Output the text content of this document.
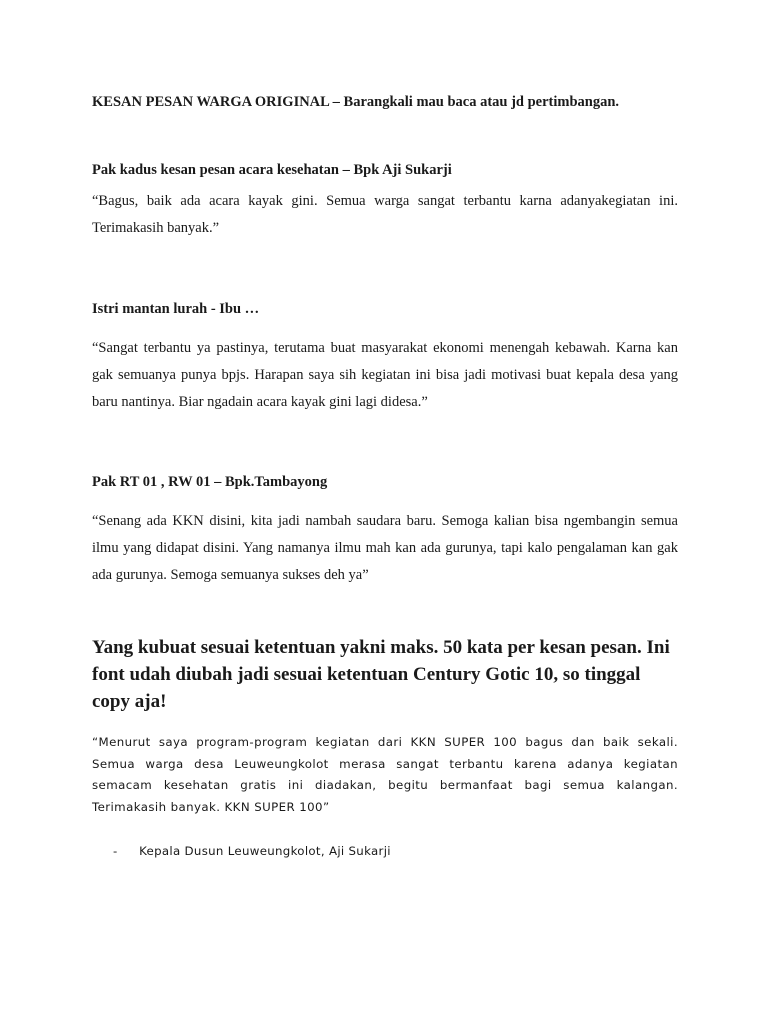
KESAN PESAN WARGA ORIGINAL – Barangkali mau baca atau jd pertimbangan.

Pak kadus kesan pesan acara kesehatan – Bpk Aji Sukarji

“Bagus, baik ada acara kayak gini. Semua warga sangat terbantu karna adanyakegiatan ini. Terimakasih banyak.”

Istri mantan lurah - Ibu …

“Sangat terbantu ya pastinya, terutama buat masyarakat ekonomi menengah kebawah. Karna kan gak semuanya punya bpjs. Harapan saya sih kegiatan ini bisa jadi motivasi buat kepala desa yang baru nantinya. Biar ngadain acara kayak gini lagi didesa.”

Pak RT 01 , RW 01 – Bpk.Tambayong

“Senang ada KKN disini, kita jadi nambah saudara baru. Semoga kalian bisa ngembangin semua ilmu yang didapat disini. Yang namanya ilmu mah kan ada gurunya, tapi kalo pengalaman kan gak ada gurunya. Semoga semuanya sukses deh ya”

Yang kubuat sesuai ketentuan yakni maks. 50 kata per kesan pesan. Ini font udah diubah jadi sesuai ketentuan Century Gotic 10, so tinggal copy aja!

“Menurut saya program-program kegiatan dari KKN SUPER 100 bagus dan baik sekali. Semua warga desa Leuweungkolot merasa sangat terbantu karena adanya kegiatan semacam kesehatan gratis ini diadakan, begitu bermanfaat bagi semua kalangan. Terimakasih banyak. KKN SUPER 100”

- Kepala Dusun Leuweungkolot, Aji Sukarji
